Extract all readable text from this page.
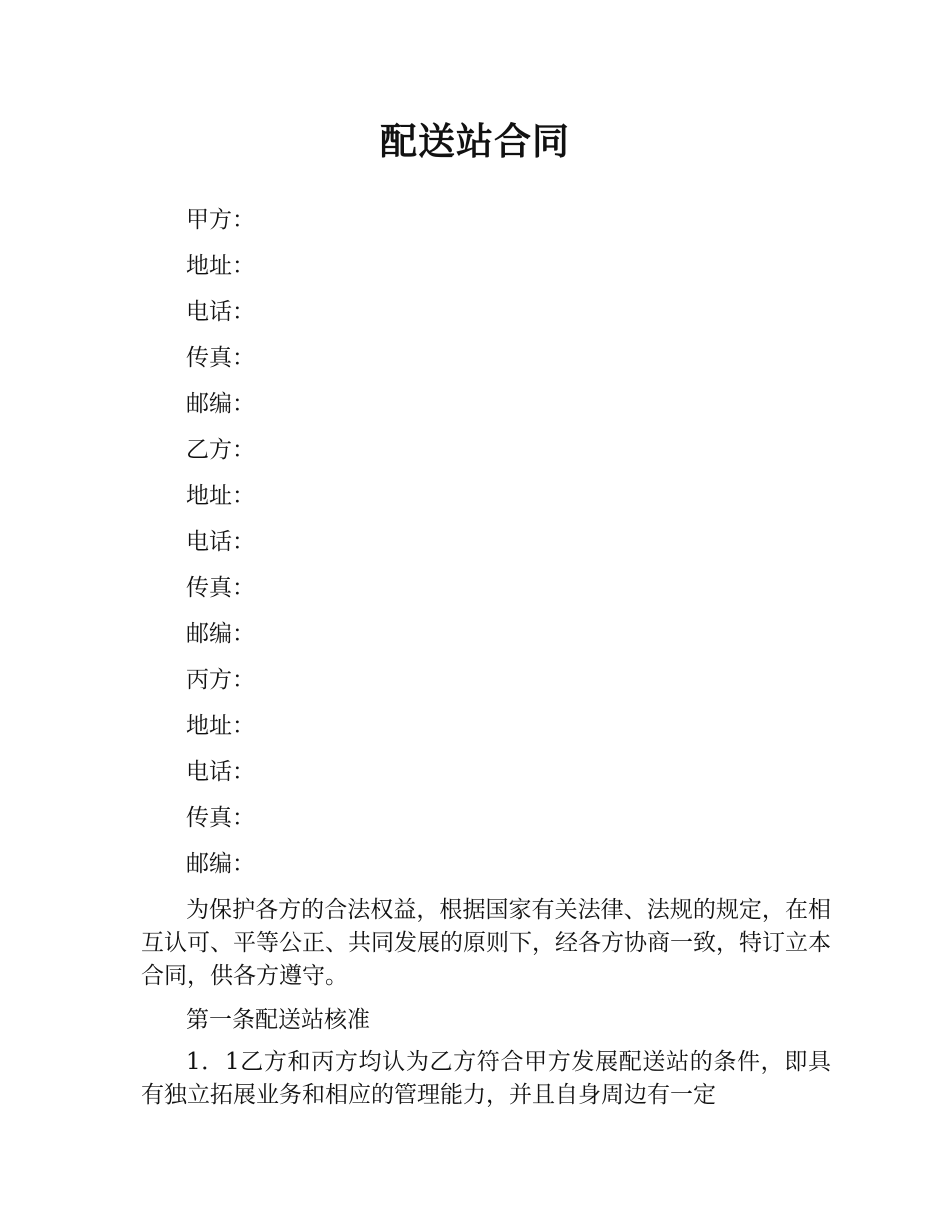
配送站合同
甲方：
地址：
电话：
传真：
邮编：
乙方：
地址：
电话：
传真：
邮编：
丙方：
地址：
电话：
传真：
邮编：
为保护各方的合法权益，根据国家有关法律、法规的规定，在相互认可、平等公正、共同发展的原则下，经各方协商一致，特订立本合同，供各方遵守。
第一条配送站核准
1．1乙方和丙方均认为乙方符合甲方发展配送站的条件，即具有独立拓展业务和相应的管理能力，并且自身周边有一定
